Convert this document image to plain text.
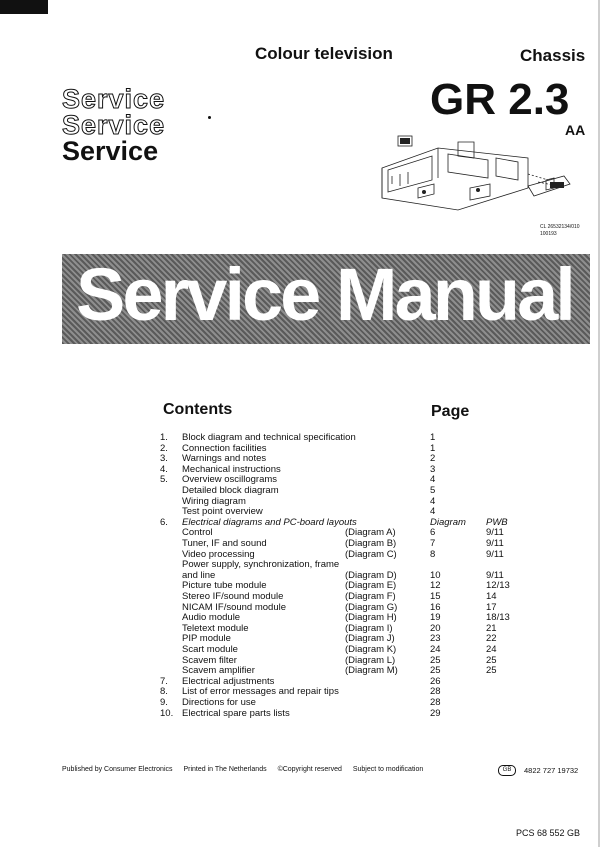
Colour television	Chassis
Service
Service
Service
GR 2.3
AA
CL 26532134/010
100193
Service Manual
Contents	Page
1.	Block diagram and technical specification	1
2.	Connection facilities	1
3.	Warnings and notes	2
4.	Mechanical instructions	3
5.	Overview oscillograms	4
Detailed block diagram	5
Wiring diagram	4
Test point overview	4
6.	Electrical diagrams and PC-board layouts	Diagram PWB
Control	(Diagram A)	6	9/11
Tuner, IF and sound	(Diagram B)	7	9/11
Video processing	(Diagram C)	8	9/11
Power supply, synchronization, frame
and line	(Diagram D)	10	9/11
Picture tube module	(Diagram E)	12	12/13
Stereo IF/sound module	(Diagram F)	15	14
NICAM IF/sound module	(Diagram G)	16	17
Audio module	(Diagram H)	19	18/13
Teletext module	(Diagram I)	20	21
PIP module	(Diagram J)	23	22
Scart module	(Diagram K)	24	24
Scavem filter	(Diagram L)	25	25
Scavem amplifier	(Diagram M)	25	25
7.	Electrical adjustments	26
8.	List of error messages and repair tips	28
9.	Directions for use	28
10. Electrical spare parts lists	29
Published by Consumer Electronics Printed in The Netherlands ©Copyright reserved Subject to modification	GB	4822 727 19732
PCS 68 552 GB
